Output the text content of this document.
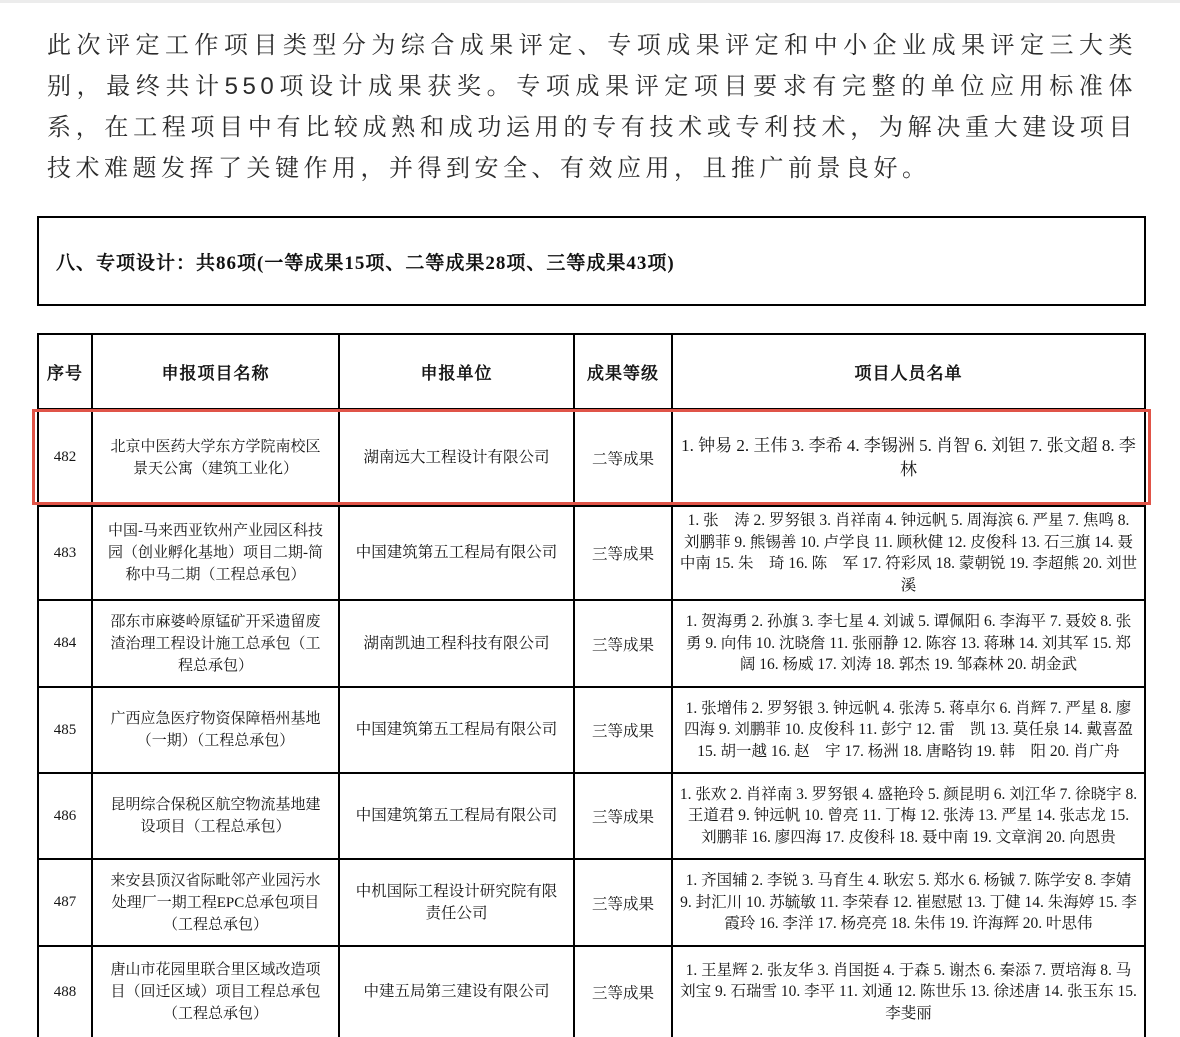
此次评定工作项目类型分为综合成果评定、专项成果评定和中小企业成果评定三大类别，最终共计550项设计成果获奖。专项成果评定项目要求有完整的单位应用标准体系，在工程项目中有比较成熟和成功运用的专有技术或专利技术，为解决重大建设项目技术难题发挥了关键作用，并得到安全、有效应用，且推广前景良好。

八、专项设计：共86项(一等成果15项、二等成果28项、三等成果43项)
序号	申报项目名称	申报单位	成果等级	项目人员名单
482	北京中医药大学东方学院南校区景天公寓（建筑工业化）	湖南远大工程设计有限公司	二等成果	1. 钟易 2. 王伟 3. 李希 4. 李锡洲 5. 肖智 6. 刘钽 7. 张文超 8. 李林
483	中国-马来西亚钦州产业园区科技园（创业孵化基地）项目二期-简称中马二期（工程总承包）	中国建筑第五工程局有限公司	三等成果	1. 张　涛 2. 罗努银 3. 肖祥南 4. 钟远帆 5. 周海滨 6. 严星 7. 焦鸣 8. 刘鹏菲 9. 熊锡善 10. 卢学良 11. 顾秋健 12. 皮俊科 13. 石三旗 14. 聂中南 15. 朱　琦 16. 陈　军 17. 符彩凤 18. 蒙朝锐 19. 李超熊 20. 刘世溪
484	邵东市麻婆岭原锰矿开采遗留废渣治理工程设计施工总承包（工程总承包）	湖南凯迪工程科技有限公司	三等成果	1. 贺海勇 2. 孙旗 3. 李七星 4. 刘诚 5. 谭佩阳 6. 李海平 7. 聂姣 8. 张勇 9. 向伟 10. 沈晓詹 11. 张丽静 12. 陈容 13. 蒋琳 14. 刘其军 15. 郑阔 16. 杨威 17. 刘涛 18. 郭杰 19. 邹森林 20. 胡金武
485	广西应急医疗物资保障梧州基地（一期）（工程总承包）	中国建筑第五工程局有限公司	三等成果	1. 张增伟 2. 罗努银 3. 钟远帆 4. 张涛 5. 蒋卓尔 6. 肖辉 7. 严星 8. 廖四海 9. 刘鹏菲 10. 皮俊科 11. 彭宁 12. 雷　凯 13. 莫任泉 14. 戴喜盈 15. 胡一越 16. 赵　宇 17. 杨洲 18. 唐略钧 19. 韩　阳 20. 肖广舟
486	昆明综合保税区航空物流基地建设项目（工程总承包）	中国建筑第五工程局有限公司	三等成果	1. 张欢 2. 肖祥南 3. 罗努银 4. 盛艳玲 5. 颜昆明 6. 刘江华 7. 徐晓宇 8. 王道君 9. 钟远帆 10. 曾亮 11. 丁梅 12. 张涛 13. 严星 14. 张志龙 15. 刘鹏菲 16. 廖四海 17. 皮俊科 18. 聂中南 19. 文章润 20. 向恩贵
487	来安县顶汉省际毗邻产业园污水处理厂一期工程EPC总承包项目（工程总承包）	中机国际工程设计研究院有限责任公司	三等成果	1. 齐国辅 2. 李锐 3. 马育生 4. 耿宏 5. 郑水 6. 杨铖 7. 陈学安 8. 李婧 9. 封汇川 10. 苏毓敏 11. 李荣春 12. 崔慰慰 13. 丁健 14. 朱海婷 15. 李霞玲 16. 李洋 17. 杨亮亮 18. 朱伟 19. 许海辉 20. 叶思伟
488	唐山市花园里联合里区域改造项目（回迁区域）项目工程总承包（工程总承包）	中建五局第三建设有限公司	三等成果	1. 王星辉 2. 张友华 3. 肖国挺 4. 于森 5. 谢杰 6. 秦添 7. 贾培海 8. 马刘宝 9. 石瑞雪 10. 李平 11. 刘通 12. 陈世乐 13. 徐述唐 14. 张玉东 15. 李斐丽
